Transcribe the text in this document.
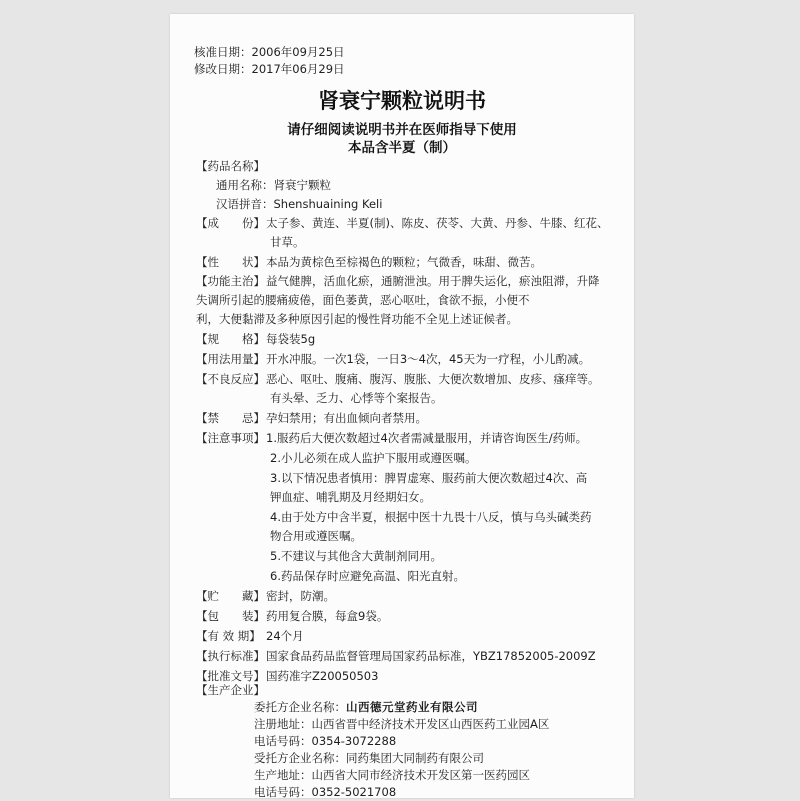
核准日期：2006年09月25日
修改日期：2017年06月29日
肾衰宁颗粒说明书
请仔细阅读说明书并在医师指导下使用
本品含半夏（制）
【药品名称】
通用名称：肾衰宁颗粒
汉语拼音：Shenshuaining Keli
【成　　份】太子参、黄连、半夏(制)、陈皮、茯苓、大黄、丹参、牛膝、红花、
甘草。
【性　　状】本品为黄棕色至棕褐色的颗粒；气微香，味甜、微苦。
【功能主治】益气健脾，活血化瘀，通腑泄浊。用于脾失运化，瘀浊阻滞，升降
失调所引起的腰痛疲倦，面色萎黄，恶心呕吐，食欲不振，小便不
利，大便黏滞及多种原因引起的慢性肾功能不全见上述证候者。
【规　　格】每袋装5g
【用法用量】开水冲服。一次1袋，一日3～4次，45天为一疗程，小儿酌减。
【不良反应】恶心、呕吐、腹痛、腹泻、腹胀、大便次数增加、皮疹、瘙痒等。
有头晕、乏力、心悸等个案报告。
【禁　　忌】孕妇禁用；有出血倾向者禁用。
【注意事项】1.服药后大便次数超过4次者需减量服用，并请咨询医生/药师。
2.小儿必须在成人监护下服用或遵医嘱。
3.以下情况患者慎用：脾胃虚寒、服药前大便次数超过4次、高
钾血症、哺乳期及月经期妇女。
4.由于处方中含半夏，根据中医十九畏十八反，慎与乌头碱类药
物合用或遵医嘱。
5.不建议与其他含大黄制剂同用。
6.药品保存时应避免高温、阳光直射。
【贮　　藏】密封，防潮。
【包　　装】药用复合膜，每盒9袋。
【有 效 期】 24个月
【执行标准】国家食品药品监督管理局国家药品标准，YBZ17852005-2009Z
【批准文号】国药准字Z20050503
【生产企业】
委托方企业名称：山西德元堂药业有限公司
注册地址：山西省晋中经济技术开发区山西医药工业园A区
电话号码：0354-3072288
受托方企业名称：同药集团大同制药有限公司
生产地址：山西省大同市经济技术开发区第一医药园区
电话号码：0352-5021708
